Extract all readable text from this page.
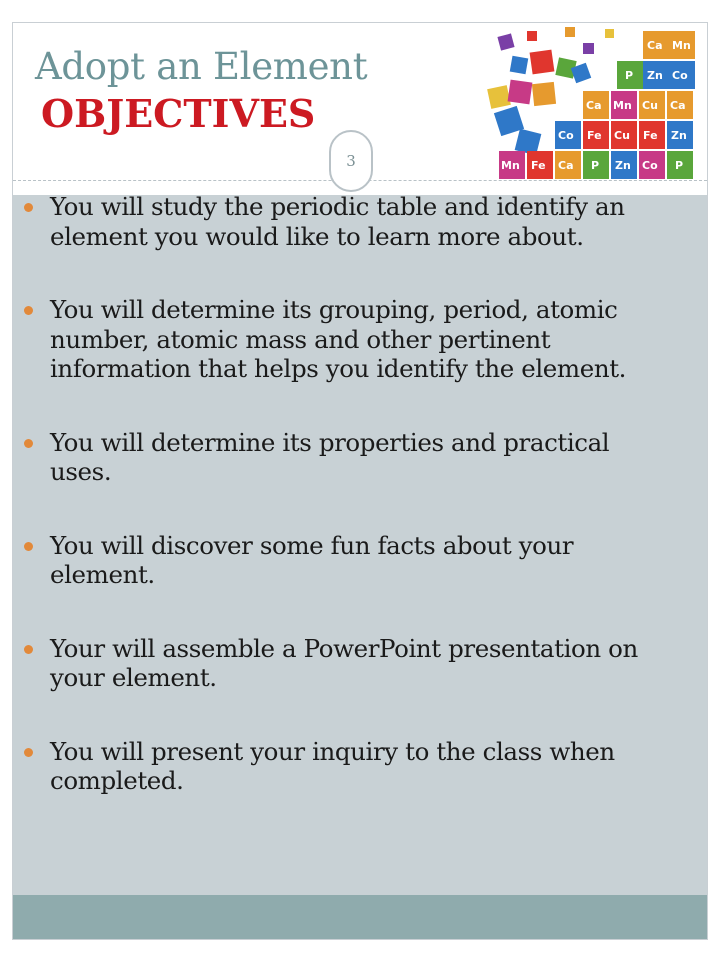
Adopt an Element
OBJECTIVES
Ca Mn
P Zn Co
Ca Mn Cu Ca
Co Fe Cu Fe Zn
Mn Fe Ca P Zn Co P
3
You will study the periodic table and identify an element you would like to learn more about.
You will determine its grouping, period, atomic number, atomic mass and other pertinent information that helps you identify the element.
You will determine its properties and practical uses.
You will discover some fun facts about your element.
Your will assemble a PowerPoint presentation on your element.
You will present your inquiry to the class when completed.
